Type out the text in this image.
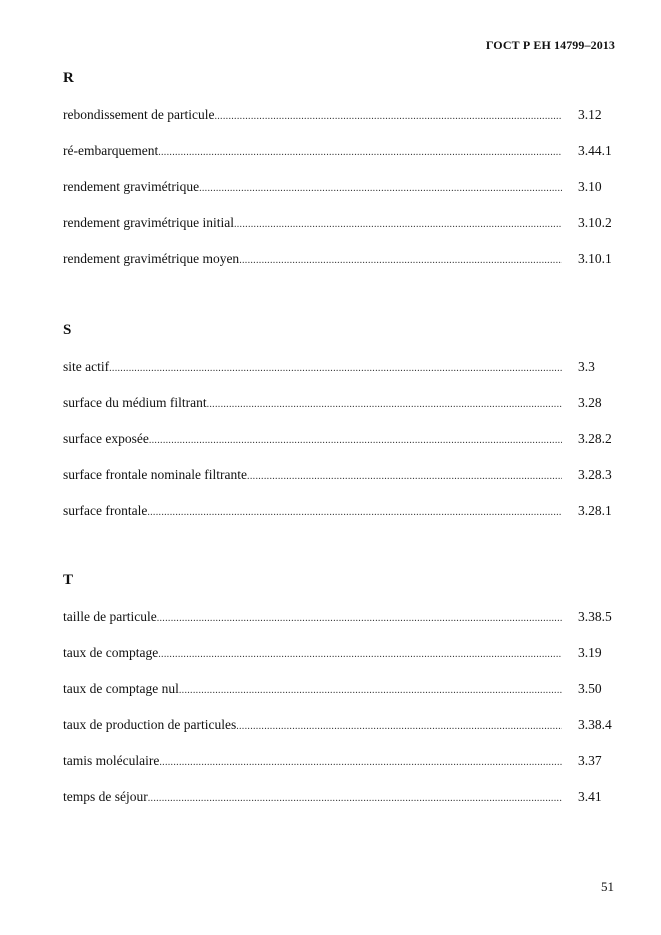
ГОСТ Р ЕН 14799–2013
R
rebondissement de particule .....	3.12
ré-embarquement .....	3.44.1
rendement gravimétrique .....	3.10
rendement gravimétrique initial .....	3.10.2
rendement gravimétrique moyen .....	3.10.1
S
site actif .....	3.3
surface du médium filtrant .....	3.28
surface exposée .....	3.28.2
surface frontale nominale filtrante .....	3.28.3
surface frontale .....	3.28.1
T
taille de particule .....	3.38.5
taux de comptage .....	3.19
taux de comptage nul .....	3.50
taux de production de particules .....	3.38.4
tamis moléculaire .....	3.37
temps de séjour .....	3.41
51
